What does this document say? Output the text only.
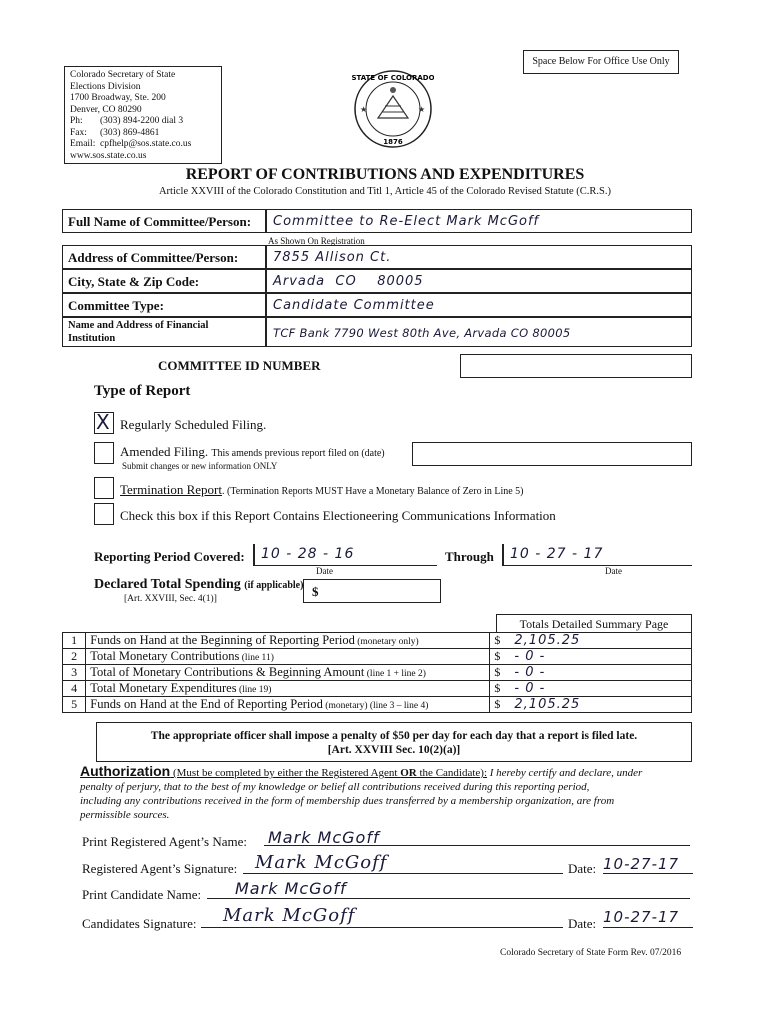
Space Below For Office Use Only
Colorado Secretary of State
Elections Division
1700 Broadway, Ste. 200
Denver, CO 80290
Ph: (303) 894-2200 dial 3
Fax: (303) 869-4861
Email: cpfhelp@sos.state.co.us
www.sos.state.co.us
STATE OF COLORADO
1876
★	★
REPORT OF CONTRIBUTIONS AND EXPENDITURES
Article XXVIII of the Colorado Constitution and Titl 1, Article 45 of the Colorado Revised Statute (C.R.S.)
Full Name of Committee/Person:	Committee to Re-Elect Mark McGoff
As Shown On Registration
Address of Committee/Person:	7855 Allison Ct.
City, State & Zip Code:	Arvada  CO    80005
Committee Type:	Candidate Committee
Name and Address of Financial
Institution	TCF Bank 7790 West 80th Ave, Arvada CO 80005
COMMITTEE ID NUMBER
Type of Report
X Regularly Scheduled Filing.
Amended Filing. This amends previous report filed on (date)
Submit changes or new information ONLY
Termination Report. (Termination Reports MUST Have a Monetary Balance of Zero in Line 5)
Check this box if this Report Contains Electioneering Communications Information
Reporting Period Covered:	10 - 28 - 16
Date
Through	10 - 27 - 17
Date
Declared Total Spending (if applicable)
[Art. XXVIII, Sec. 4(1)]	$
Totals Detailed Summary Page
1	Funds on Hand at the Beginning of Reporting Period (monetary only)	$ 2,105.25
2	Total Monetary Contributions (line 11)	$ - 0 -
3	Total of Monetary Contributions & Beginning Amount (line 1 + line 2)	$ - 0 -
4	Total Monetary Expenditures (line 19)	$ - 0 -
5	Funds on Hand at the End of Reporting Period (monetary) (line 3 – line 4)	$ 2,105.25
The appropriate officer shall impose a penalty of $50 per day for each day that a report is filed late.
[Art. XXVIII Sec. 10(2)(a)]
Authorization (Must be completed by either the Registered Agent OR the Candidate): I hereby certify and declare, under
penalty of perjury, that to the best of my knowledge or belief all contributions received during this reporting period,
including any contributions received in the form of membership dues transferred by a membership organization, are from
permissible sources.
Print Registered Agent’s Name: Mark McGoff
Registered Agent’s Signature: Mark McGoff	Date: 10-27-17
Print Candidate Name:	Mark McGoff
Candidates Signature:	Mark McGoff	Date: 10-27-17
Colorado Secretary of State Form Rev. 07/2016
